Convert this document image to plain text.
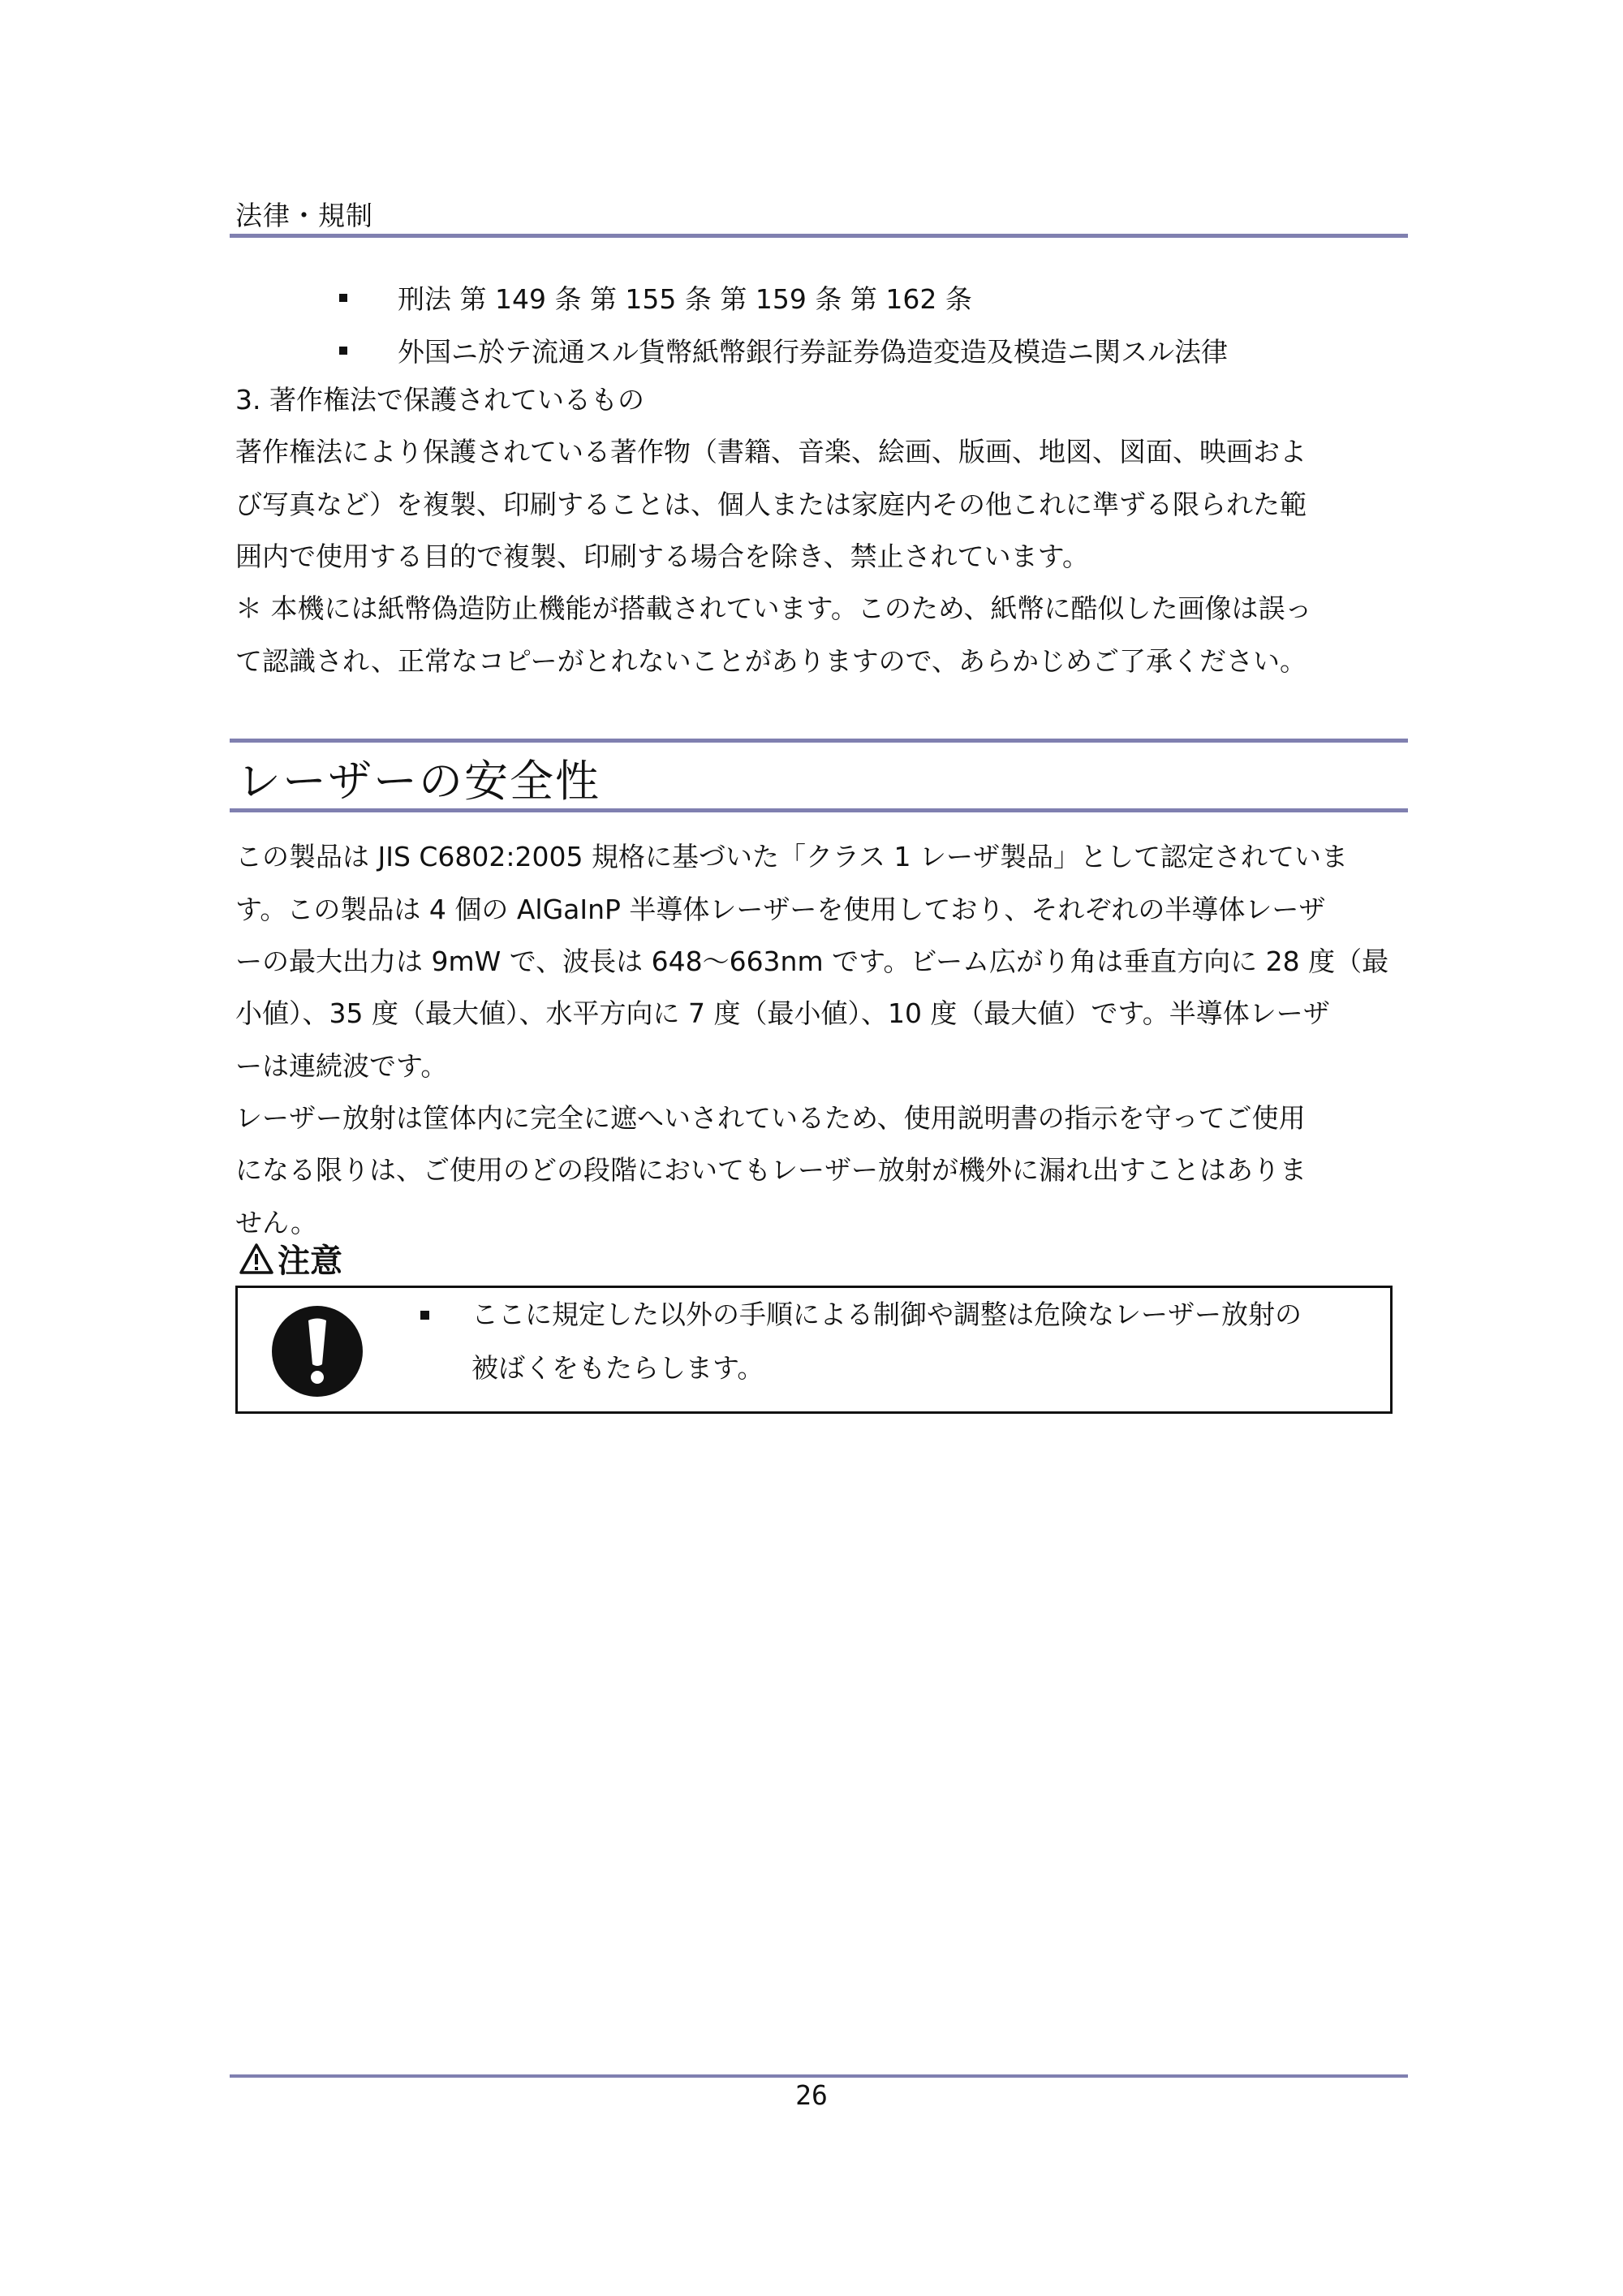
法律・規制
刑法 第 149 条 第 155 条 第 159 条 第 162 条
外国ニ於テ流通スル貨幣紙幣銀行券証券偽造変造及模造ニ関スル法律
3. 著作権法で保護されているもの
著作権法により保護されている著作物（書籍、音楽、絵画、版画、地図、図面、映画およ
び写真など）を複製、印刷することは、個人または家庭内その他これに準ずる限られた範
囲内で使用する目的で複製、印刷する場合を除き、禁止されています。
＊ 本機には紙幣偽造防止機能が搭載されています。このため、紙幣に酷似した画像は誤っ
て認識され、正常なコピーがとれないことがありますので、あらかじめご了承ください。
レーザーの安全性
この製品は JIS C6802:2005 規格に基づいた「クラス 1 レーザ製品」として認定されていま
す。この製品は 4 個の AlGaInP 半導体レーザーを使用しており、それぞれの半導体レーザ
ーの最大出力は 9mW で、波長は 648～663nm です。ビーム広がり角は垂直方向に 28 度（最
小値）、35 度（最大値）、水平方向に 7 度（最小値）、10 度（最大値）です。半導体レーザ
ーは連続波です。
レーザー放射は筐体内に完全に遮へいされているため、使用説明書の指示を守ってご使用
になる限りは、ご使用のどの段階においてもレーザー放射が機外に漏れ出すことはありま
せん。
注意
ここに規定した以外の手順による制御や調整は危険なレーザー放射の
被ばくをもたらします。
26
